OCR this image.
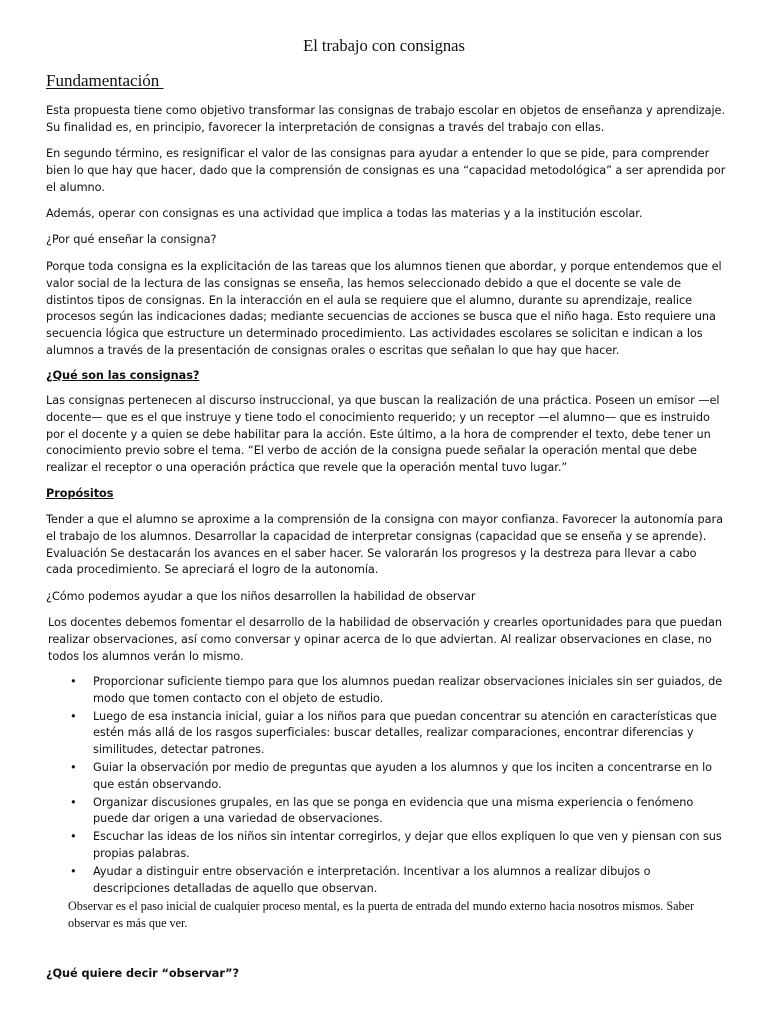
El trabajo con consignas
Fundamentación

Esta propuesta tiene como objetivo transformar las consignas de trabajo escolar en objetos de enseñanza y aprendizaje. Su finalidad es, en principio, favorecer la interpretación de consignas a través del trabajo con ellas.

En segundo término, es resignificar el valor de las consignas para ayudar a entender lo que se pide, para comprender bien lo que hay que hacer, dado que la comprensión de consignas es una “capacidad metodológica” a ser aprendida por el alumno.

Además, operar con consignas es una actividad que implica a todas las materias y a la institución escolar.

¿Por qué enseñar la consigna?

Porque toda consigna es la explicitación de las tareas que los alumnos tienen que abordar, y porque entendemos que el valor social de la lectura de las consignas se enseña, las hemos seleccionado debido a que el docente se vale de distintos tipos de consignas. En la interacción en el aula se requiere que el alumno, durante su aprendizaje, realice procesos según las indicaciones dadas; mediante secuencias de acciones se busca que el niño haga. Esto requiere una secuencia lógica que estructure un determinado procedimiento. Las actividades escolares se solicitan e indican a los alumnos a través de la presentación de consignas orales o escritas que señalan lo que hay que hacer.

¿Qué son las consignas?

Las consignas pertenecen al discurso instruccional, ya que buscan la realización de una práctica. Poseen un emisor —el docente— que es el que instruye y tiene todo el conocimiento requerido; y un receptor —el alumno— que es instruido por el docente y a quien se debe habilitar para la acción. Este último, a la hora de comprender el texto, debe tener un conocimiento previo sobre el tema. “El verbo de acción de la consigna puede señalar la operación mental que debe realizar el receptor o una operación práctica que revele que la operación mental tuvo lugar.”

Propósitos

Tender a que el alumno se aproxime a la comprensión de la consigna con mayor confianza. Favorecer la autonomía para el trabajo de los alumnos. Desarrollar la capacidad de interpretar consignas (capacidad que se enseña y se aprende). Evaluación Se destacarán los avances en el saber hacer. Se valorarán los progresos y la destreza para llevar a cabo cada procedimiento. Se apreciará el logro de la autonomía.

¿Cómo podemos ayudar a que los niños desarrollen la habilidad de observar

Los docentes debemos fomentar el desarrollo de la habilidad de observación y crearles oportunidades para que puedan realizar observaciones, así como conversar y opinar acerca de lo que adviertan. Al realizar observaciones en clase, no todos los alumnos verán lo mismo.

• Proporcionar suficiente tiempo para que los alumnos puedan realizar observaciones iniciales sin ser guiados, de modo que tomen contacto con el objeto de estudio.
• Luego de esa instancia inicial, guiar a los niños para que puedan concentrar su atención en características que estén más allá de los rasgos superficiales: buscar detalles, realizar comparaciones, encontrar diferencias y similitudes, detectar patrones.
• Guiar la observación por medio de preguntas que ayuden a los alumnos y que los inciten a concentrarse en lo que están observando.
• Organizar discusiones grupales, en las que se ponga en evidencia que una misma experiencia o fenómeno puede dar origen a una variedad de observaciones.
• Escuchar las ideas de los niños sin intentar corregirlos, y dejar que ellos expliquen lo que ven y piensan con sus propias palabras.
• Ayudar a distinguir entre observación e interpretación. Incentivar a los alumnos a realizar dibujos o descripciones detalladas de aquello que observan.

Observar es el paso inicial de cualquier proceso mental, es la puerta de entrada del mundo externo hacia nosotros mismos. Saber observar es más que ver.

¿Qué quiere decir “observar”?
